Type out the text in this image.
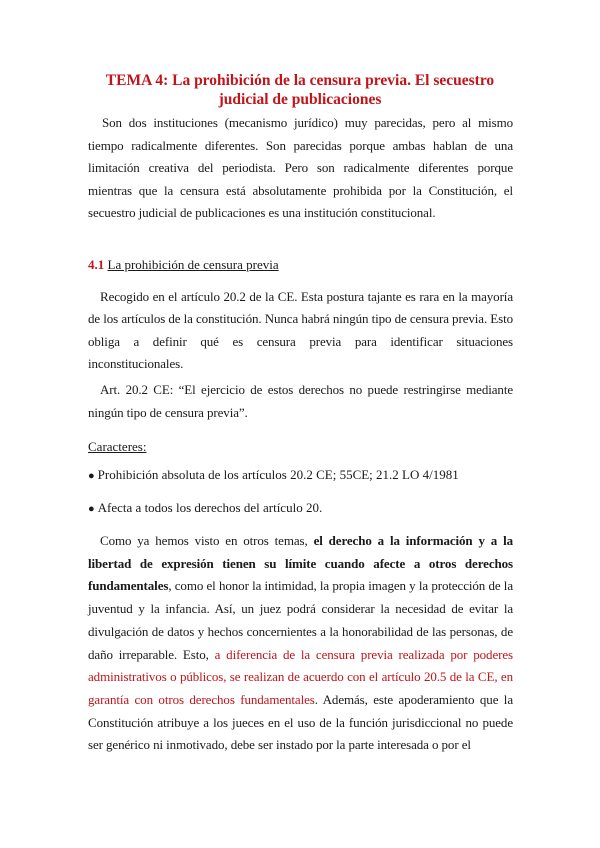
TEMA 4: La prohibición de la censura previa. El secuestro judicial de publicaciones
Son dos instituciones (mecanismo jurídico) muy parecidas, pero al mismo tiempo radicalmente diferentes. Son parecidas porque ambas hablan de una limitación creativa del periodista. Pero son radicalmente diferentes porque mientras que la censura está absolutamente prohibida por la Constitución, el secuestro judicial de publicaciones es una institución constitucional.
4.1 La prohibición de censura previa
Recogido en el artículo 20.2 de la CE. Esta postura tajante es rara en la mayoría de los artículos de la constitución. Nunca habrá ningún tipo de censura previa. Esto obliga a definir qué es censura previa para identificar situaciones inconstitucionales.
Art. 20.2 CE: “El ejercicio de estos derechos no puede restringirse mediante ningún tipo de censura previa”.
Caracteres:
● Prohibición absoluta de los artículos 20.2 CE; 55CE; 21.2 LO 4/1981
● Afecta a todos los derechos del artículo 20.
Como ya hemos visto en otros temas, el derecho a la información y a la libertad de expresión tienen su límite cuando afecte a otros derechos fundamentales, como el honor la intimidad, la propia imagen y la protección de la juventud y la infancia. Así, un juez podrá considerar la necesidad de evitar la divulgación de datos y hechos concernientes a la honorabilidad de las personas, de daño irreparable. Esto, a diferencia de la censura previa realizada por poderes administrativos o públicos, se realizan de acuerdo con el artículo 20.5 de la CE, en garantía con otros derechos fundamentales. Además, este apoderamiento que la Constitución atribuye a los jueces en el uso de la función jurisdiccional no puede ser genérico ni inmotivado, debe ser instado por la parte interesada o por el
